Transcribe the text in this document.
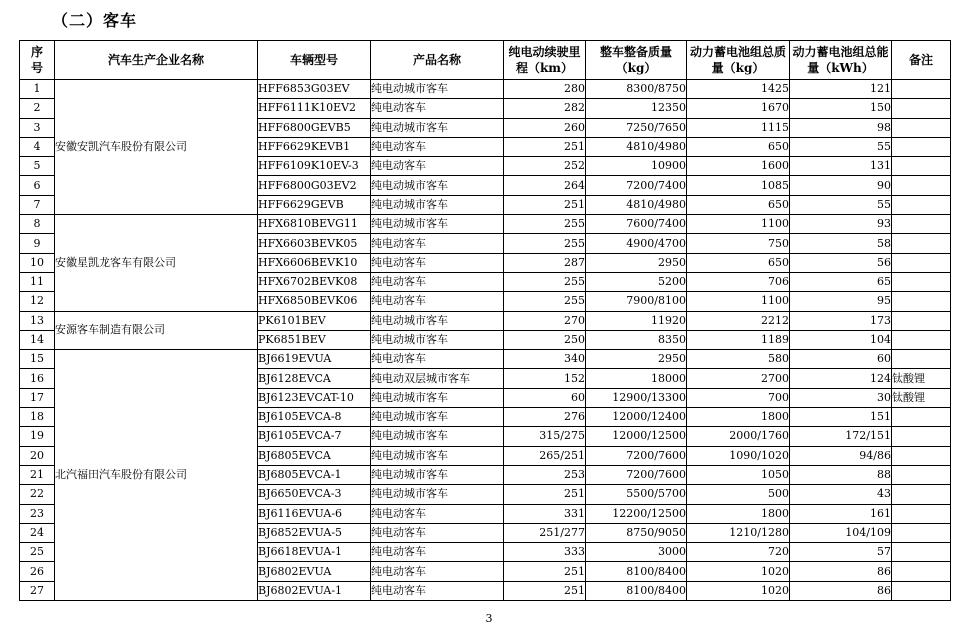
（二）客车
序号	汽车生产企业名称	车辆型号	产品名称	纯电动续驶里程（km）	整车整备质量（kg）	动力蓄电池组总质量（kg）	动力蓄电池组总能量（kWh）	备注
1	安徽安凯汽车股份有限公司	HFF6853G03EV	纯电动城市客车	280	8300/8750	1425	121	
2		HFF6111K10EV2	纯电动客车	282	12350	1670	150	
3		HFF6800GEVB5	纯电动城市客车	260	7250/7650	1115	98	
4		HFF6629KEVB1	纯电动客车	251	4810/4980	650	55	
5		HFF6109K10EV-3	纯电动客车	252	10900	1600	131	
6		HFF6800G03EV2	纯电动城市客车	264	7200/7400	1085	90	
7		HFF6629GEVB	纯电动城市客车	251	4810/4980	650	55	
8	安徽星凯龙客车有限公司	HFX6810BEVG11	纯电动城市客车	255	7600/7400	1100	93	
9		HFX6603BEVK05	纯电动客车	255	4900/4700	750	58	
10		HFX6606BEVK10	纯电动客车	287	2950	650	56	
11		HFX6702BEVK08	纯电动客车	255	5200	706	65	
12		HFX6850BEVK06	纯电动客车	255	7900/8100	1100	95	
13	安源客车制造有限公司	PK6101BEV	纯电动城市客车	270	11920	2212	173	
14		PK6851BEV	纯电动城市客车	250	8350	1189	104	
15	北汽福田汽车股份有限公司	BJ6619EVUA	纯电动客车	340	2950	580	60	
16		BJ6128EVCA	纯电动双层城市客车	152	18000	2700	124	钛酸锂
17		BJ6123EVCAT-10	纯电动城市客车	60	12900/13300	700	30	钛酸锂
18		BJ6105EVCA-8	纯电动城市客车	276	12000/12400	1800	151	
19		BJ6105EVCA-7	纯电动城市客车	315/275	12000/12500	2000/1760	172/151	
20		BJ6805EVCA	纯电动城市客车	265/251	7200/7600	1090/1020	94/86	
21		BJ6805EVCA-1	纯电动城市客车	253	7200/7600	1050	88	
22		BJ6650EVCA-3	纯电动城市客车	251	5500/5700	500	43	
23		BJ6116EVUA-6	纯电动客车	331	12200/12500	1800	161	
24		BJ6852EVUA-5	纯电动客车	251/277	8750/9050	1210/1280	104/109	
25		BJ6618EVUA-1	纯电动客车	333	3000	720	57	
26		BJ6802EVUA	纯电动客车	251	8100/8400	1020	86	
27		BJ6802EVUA-1	纯电动客车	251	8100/8400	1020	86	
3
